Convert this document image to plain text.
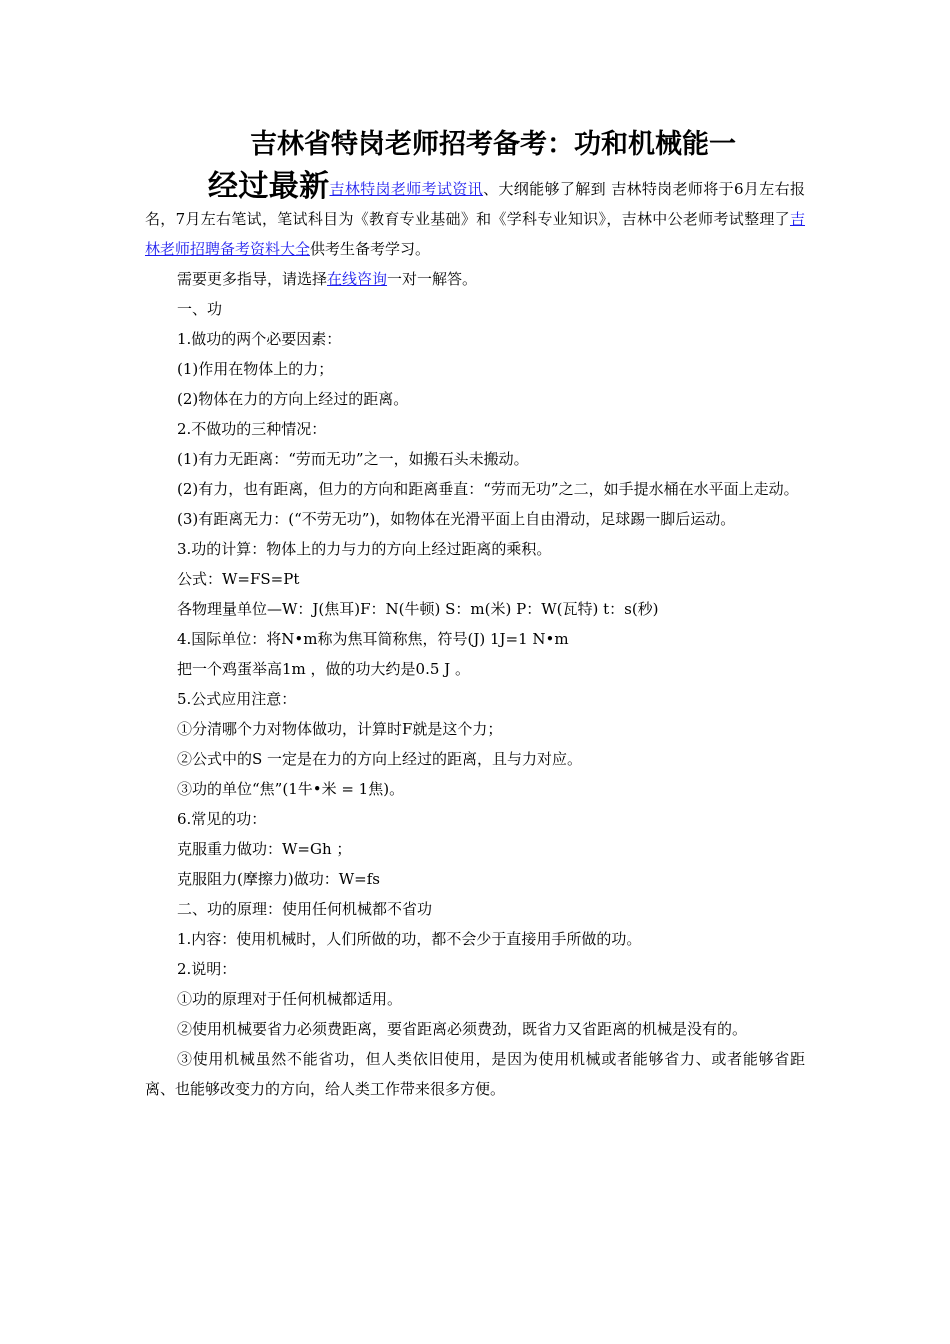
吉林省特岗老师招考备考：功和机械能一

经过最新吉林特岗老师考试资讯、大纲能够了解到 吉林特岗老师将于6月左右报名，7月左右笔试，笔试科目为《教育专业基础》和《学科专业知识》，吉林中公老师考试整理了吉林老师招聘备考资料大全供考生备考学习。

需要更多指导，请选择在线咨询一对一解答。

一、功

1.做功的两个必要因素：

(1)作用在物体上的力；

(2)物体在力的方向上经过的距离。

2.不做功的三种情况：

(1)有力无距离：“劳而无功”之一，如搬石头未搬动。

(2)有力，也有距离，但力的方向和距离垂直：“劳而无功”之二，如手提水桶在水平面上走动。

(3)有距离无力：(“不劳无功”)，如物体在光滑平面上自由滑动，足球踢一脚后运动。

3.功的计算：物体上的力与力的方向上经过距离的乘积。

公式：W=FS=Pt

各物理量单位—W：J(焦耳)F：N(牛顿) S：m(米) P：W(瓦特) t：s(秒)

4.国际单位：将N•m称为焦耳简称焦，符号(J) 1J=1 N•m

把一个鸡蛋举高1m ，做的功大约是0.5 J 。

5.公式应用注意：

①分清哪个力对物体做功，计算时F就是这个力；

②公式中的S 一定是在力的方向上经过的距离，且与力对应。

③功的单位“焦”(1牛•米 = 1焦)。

6.常见的功：

克服重力做功：W=Gh ；

克服阻力(摩擦力)做功：W=fs

二、功的原理：使用任何机械都不省功

1.内容：使用机械时，人们所做的功，都不会少于直接用手所做的功。

2.说明：

①功的原理对于任何机械都适用。

②使用机械要省力必须费距离，要省距离必须费劲，既省力又省距离的机械是没有的。

③使用机械虽然不能省功，但人类依旧使用，是因为使用机械或者能够省力、或者能够省距离、也能够改变力的方向，给人类工作带来很多方便。
